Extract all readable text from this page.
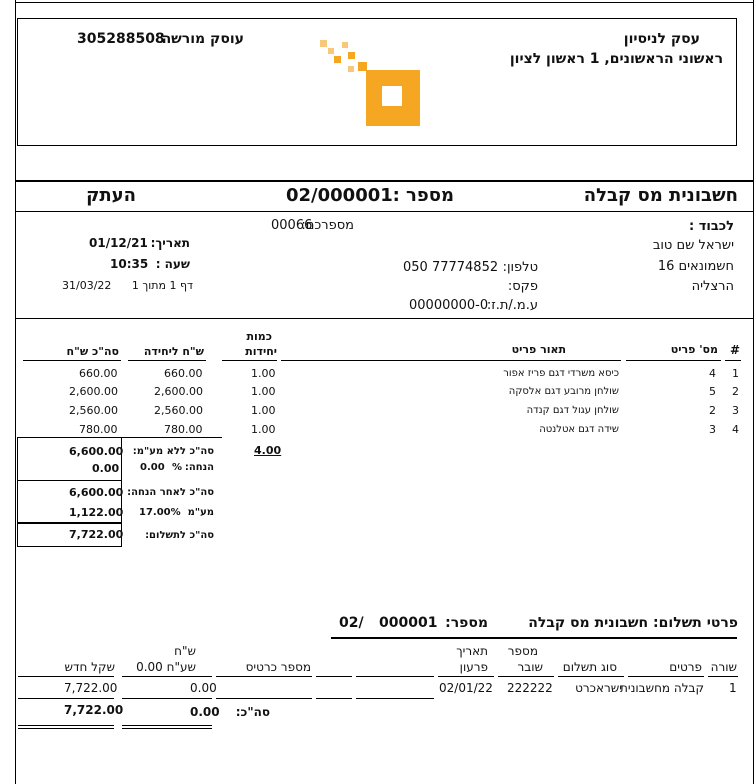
עסק לניסיון
ראשוני הראשונים, 1 ראשון לציון
305288508
עוסק מורשה
חשבונית מס קבלה
מספר :
02/000001
העתק
לכבוד :
ישראל שם טוב
חשמונאים 16
הרצליה
מספרכם:
00066
טלפון:
050 77774852
פקס:
ע.מ./ת.ז:
00000000-0
תאריך:
01/12/21
שעה :
10:35
דף 1 מתוך 1
31/03/22
#
מס' פריט
תאור פריט
כמות
יחידות
ש"ח ליחידה
סה"כ ש"ח
1
4
כיסא משרדי דגם פריז אפור
1.00
660.00
660.00
2
5
שולחן מרובע דגם אלסקה
1.00
2,600.00
2,600.00
3
2
שולחן עגול דגם קנדה
1.00
2,560.00
2,560.00
4
3
שידה דגם אטלנטה
1.00
780.00
780.00
4.00
סה"כ ללא מע"מ:
6,600.00
הנחה:
%
0.00
0.00
סה"כ לאחר הנחה:
6,600.00
מע"מ
17.00%
1,122.00
סה"כ לתשלום:
7,722.00
פרטי תשלום: חשבונית מס קבלה
מספר:
000001
02/
שורה
פרטים
סוג תשלום
מספר
שובר
תאריך
פרעון
מספר כרטיס
ש"ח
שע"ח 0.00
שקל חדש
1
קבלה מחשבונית
ישראכרט
222222
02/01/22
0.00
7,722.00
7,722.00	0.00 סה"כ:
